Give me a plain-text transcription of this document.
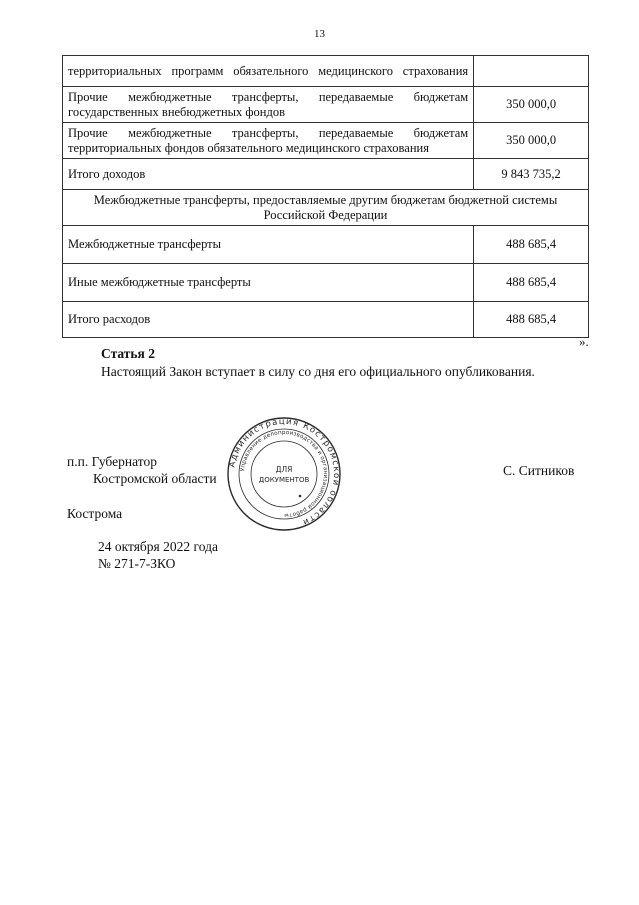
13
территориальных программ обязательного медицинского страхования	
Прочие межбюджетные трансферты, передаваемые бюджетам государственных внебюджетных фондов	350 000,0
Прочие межбюджетные трансферты, передаваемые бюджетам территориальных фондов обязательного медицинского страхования	350 000,0
Итого доходов	9 843 735,2
Межбюджетные трансферты, предоставляемые другим бюджетам бюджетной системы Российской Федерации	
Межбюджетные трансферты	488 685,4
Иные межбюджетные трансферты	488 685,4
Итого расходов	488 685,4
».
Статья 2
Настоящий Закон вступает в силу со дня его официального опубликования.
п.п. Губернатор
Костромской области
С. Ситников
Кострома
24 октября 2022 года
№ 271-7-ЗКО
Администрация Костромской области
Управление делопроизводства и организационной работы
ДЛЯ
ДОКУМЕНТОВ
